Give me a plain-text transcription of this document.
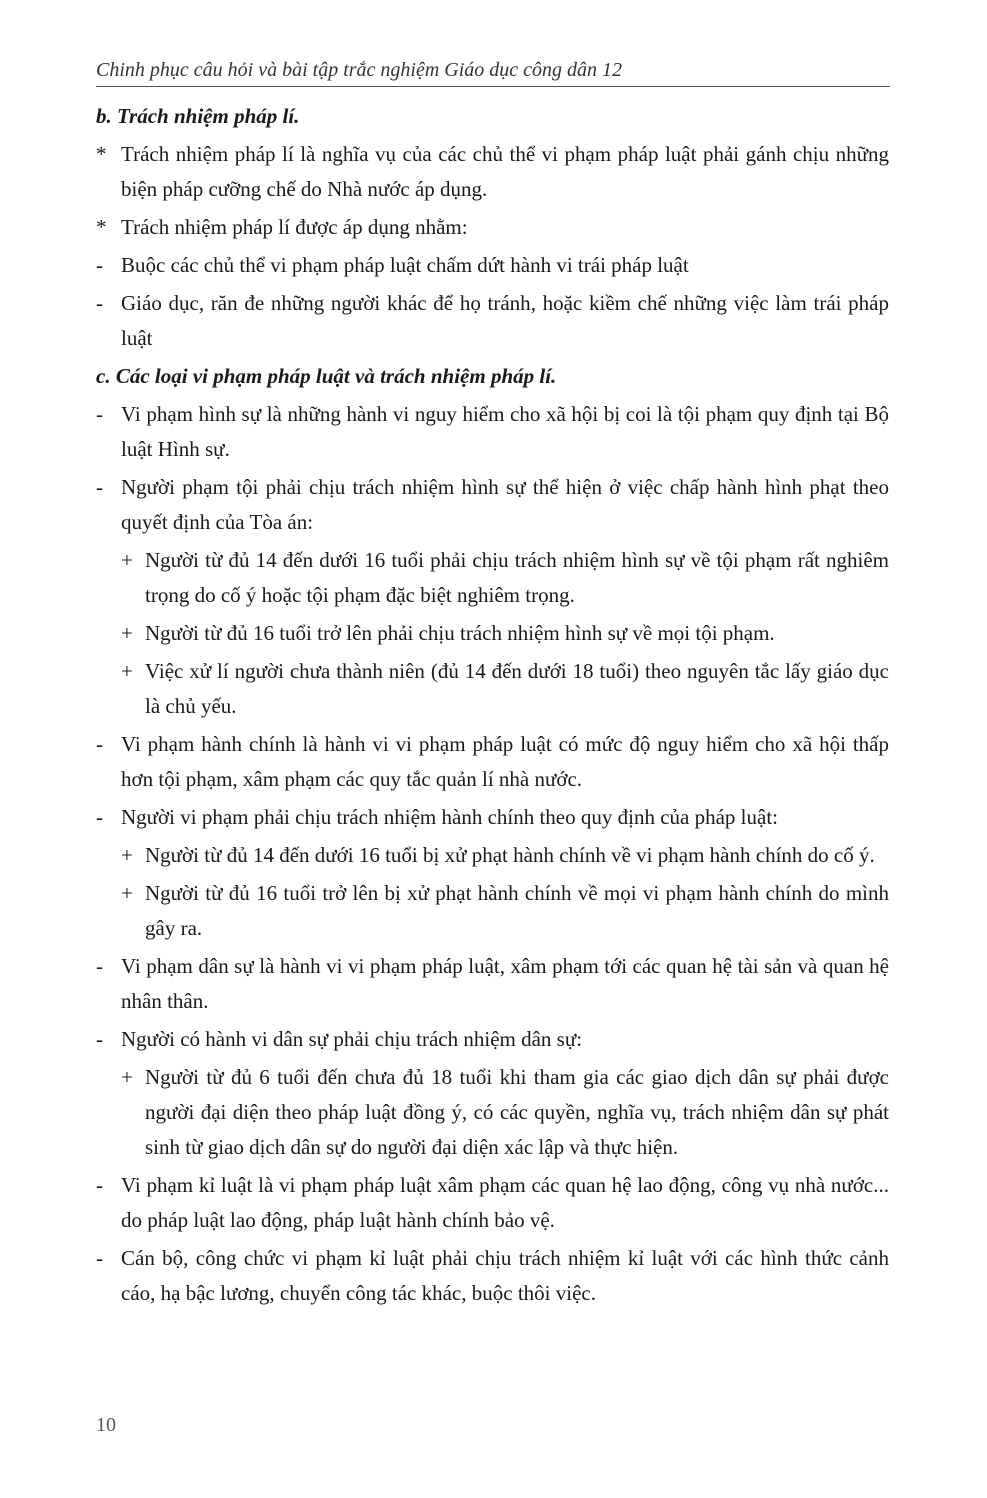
Chinh phục câu hỏi và bài tập trắc nghiệm Giáo dục công dân 12
b. Trách nhiệm pháp lí.
* Trách nhiệm pháp lí là nghĩa vụ của các chủ thể vi phạm pháp luật phải gánh chịu những biện pháp cưỡng chế do Nhà nước áp dụng.
* Trách nhiệm pháp lí được áp dụng nhằm:
- Buộc các chủ thể vi phạm pháp luật chấm dứt hành vi trái pháp luật
- Giáo dục, răn đe những người khác để họ tránh, hoặc kiềm chế những việc làm trái pháp luật
c. Các loại vi phạm pháp luật và trách nhiệm pháp lí.
- Vi phạm hình sự là những hành vi nguy hiểm cho xã hội bị coi là tội phạm quy định tại Bộ luật Hình sự.
- Người phạm tội phải chịu trách nhiệm hình sự thể hiện ở việc chấp hành hình phạt theo quyết định của Tòa án:
+ Người từ đủ 14 đến dưới 16 tuổi phải chịu trách nhiệm hình sự về tội phạm rất nghiêm trọng do cố ý hoặc tội phạm đặc biệt nghiêm trọng.
+ Người từ đủ 16 tuổi trở lên phải chịu trách nhiệm hình sự về mọi tội phạm.
+ Việc xử lí người chưa thành niên (đủ 14 đến dưới 18 tuổi) theo nguyên tắc lấy giáo dục là chủ yếu.
- Vi phạm hành chính là hành vi vi phạm pháp luật có mức độ nguy hiểm cho xã hội thấp hơn tội phạm, xâm phạm các quy tắc quản lí nhà nước.
- Người vi phạm phải chịu trách nhiệm hành chính theo quy định của pháp luật:
+ Người từ đủ 14 đến dưới 16 tuổi bị xử phạt hành chính về vi phạm hành chính do cố ý.
+ Người từ đủ 16 tuổi trở lên bị xử phạt hành chính về mọi vi phạm hành chính do mình gây ra.
- Vi phạm dân sự là hành vi vi phạm pháp luật, xâm phạm tới các quan hệ tài sản và quan hệ nhân thân.
- Người có hành vi dân sự phải chịu trách nhiệm dân sự:
+ Người từ đủ 6 tuổi đến chưa đủ 18 tuổi khi tham gia các giao dịch dân sự phải được người đại diện theo pháp luật đồng ý, có các quyền, nghĩa vụ, trách nhiệm dân sự phát sinh từ giao dịch dân sự do người đại diện xác lập và thực hiện.
- Vi phạm kỉ luật là vi phạm pháp luật xâm phạm các quan hệ lao động, công vụ nhà nước... do pháp luật lao động, pháp luật hành chính bảo vệ.
- Cán bộ, công chức vi phạm kỉ luật phải chịu trách nhiệm kỉ luật với các hình thức cảnh cáo, hạ bậc lương, chuyển công tác khác, buộc thôi việc.
10
